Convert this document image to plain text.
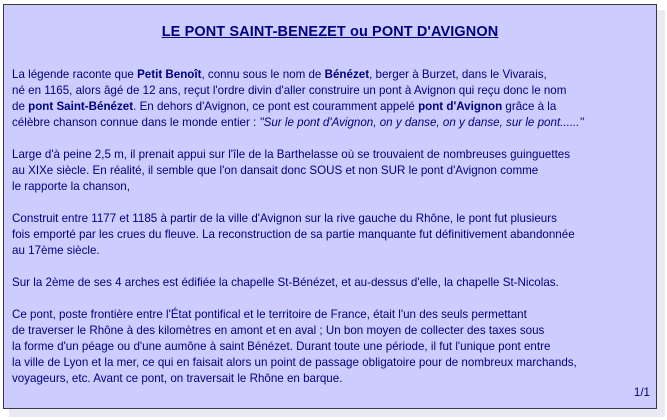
LE PONT SAINT-BENEZET ou PONT D'AVIGNON
La légende raconte que Petit Benoît, connu sous le nom de Bénézet, berger à Burzet, dans le Vivarais,
né en 1165, alors âgé de 12 ans, reçut l'ordre divin d'aller construire un pont à Avignon qui reçu donc le nom
de pont Saint-Bénézet. En dehors d'Avignon, ce pont est couramment appelé pont d'Avignon grâce à la
célèbre chanson connue dans le monde entier : "Sur le pont d'Avignon, on y danse, on y danse, sur le pont......"
Large d'à peine 2,5 m, il prenait appui sur l'île de la Barthelasse où se trouvaient de nombreuses guinguettes
au XIXe siècle. En réalité, il semble que l'on dansait donc SOUS et non SUR le pont d'Avignon comme
le rapporte la chanson,
Construit entre 1177 et 1185 à partir de la ville d'Avignon sur la rive gauche du Rhône, le pont fut plusieurs
fois emporté par les crues du fleuve. La reconstruction de sa partie manquante fut définitivement abandonnée
au 17ème siècle.
Sur la 2ème de ses 4 arches est édifiée la chapelle St-Bénézet, et au-dessus d'elle, la chapelle St-Nicolas.
Ce pont, poste frontière entre l'État pontifical et le territoire de France, était l'un des seuls permettant
de traverser le Rhône à des kilomètres en amont et en aval ; Un bon moyen de collecter des taxes sous
la forme d'un péage ou d'une aumône à saint Bénézet. Durant toute une période, il fut l'unique pont entre
la ville de Lyon et la mer, ce qui en faisait alors un point de passage obligatoire pour de nombreux marchands,
voyageurs, etc. Avant ce pont, on traversait le Rhône en barque.
1/1
